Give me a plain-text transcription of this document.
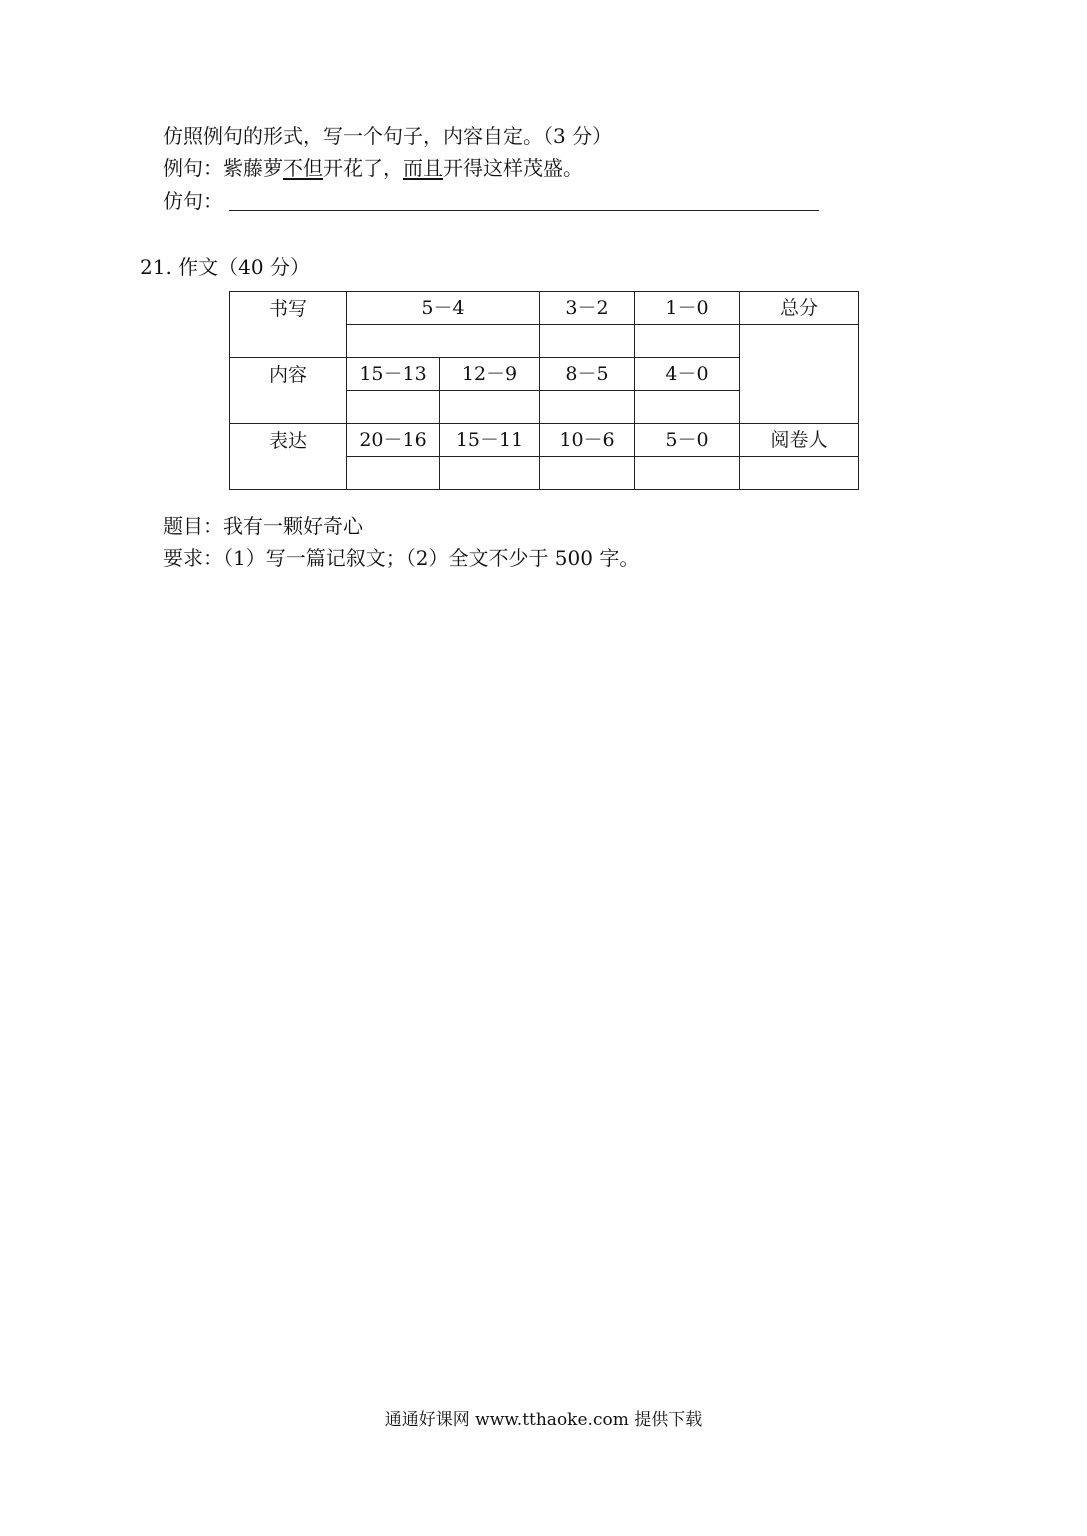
仿照例句的形式，写一个句子，内容自定。（3 分）
例句：紫藤萝不但开花了，而且开得这样茂盛。
仿句：
21. 作文（40 分）
书写	5－4		3－2	1－0	总分

内容	15－13	12－9	8－5	4－0	

表达	20－16	15－11	10－6	5－0	阅卷人

题目：我有一颗好奇心
要求：（1）写一篇记叙文；（2）全文不少于 500 字。
通通好课网 www.tthaoke.com 提供下载
